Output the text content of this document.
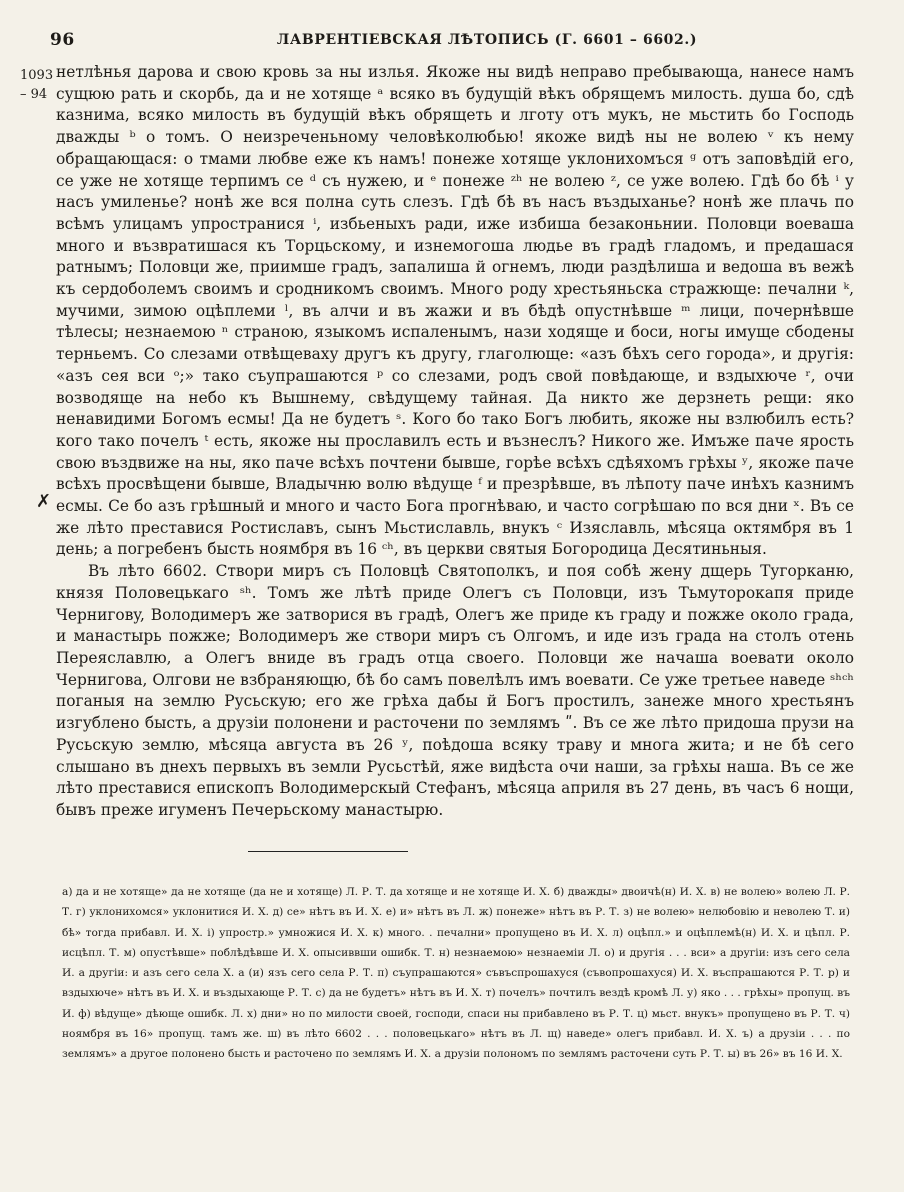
96	ЛАВРЕНТІЕВСКАЯ ЛѢТОПИСЬ (Г. 6601 – 6602.)
1093
– 94
✗

нетлѣнья дарова и свою кровь за ны излья. Якоже ны видѣ неправо пребывающа, нанесе намъ сущюю рать и скорбь, да и не хотяще ᵃ всяко въ будущій вѣкъ обрящемъ милость. душа бо, сдѣ казнима, всяко милость въ будущій вѣкъ обрящеть и лготу отъ мукъ, не мьстить бо Господь дважды ᵇ о томъ. О неизреченьному человѣколюбью! якоже видѣ ны не волею ᵛ къ нему обращающася: о тмами любве еже къ намъ! понеже хотяще уклонихомъся ᵍ отъ заповѣдій его, се уже не хотяще терпимъ се ᵈ съ нужею, и ᵉ понеже ᶻʰ не волею ᶻ, се уже волею. Гдѣ бо бѣ ⁱ у насъ умиленье? нонѣ же вся полна суть слезъ. Гдѣ бѣ въ насъ въздыханье? нонѣ же плачь по всѣмъ улицамъ упространися ⁱ, избьеныхъ ради, иже избиша безаконьнии. Половци воеваша много и възвратишася къ Торцьскому, и изнемогоша людье въ градѣ гладомъ, и предашася ратнымъ; Половци же, приимше градъ, запалиша й огнемъ, люди раздѣлиша и ведоша въ вежѣ къ сердоболемъ своимъ и сродникомъ своимъ. Много роду хрестьяньска стражюще: печални ᵏ, мучими, зимою оцѣплеми ˡ, въ алчи и въ жажи и въ бѣдѣ опустнѣвше ᵐ лици, почернѣвше тѣлесы; незнаемою ⁿ страною, языкомъ испаленымъ, нази ходяще и боси, ногы имуще сбодены терньемъ. Со слезами отвѣщеваху другъ къ другу, глаголюще: «азъ бѣхъ сего города», и другія: «азъ сея вси ᵒ;» тако съупрашаются ᵖ со слезами, родъ свой повѣдающе, и вздыхюче ʳ, очи возводяще на небо къ Вышнему, свѣдущему тайная. Да никто же дерзнеть рещи: яко ненавидими Богомъ есмы! Да не будетъ ˢ. Кого бо тако Богъ любить, якоже ны взлюбилъ есть? кого тако почелъ ᵗ есть, якоже ны прославилъ есть и възнеслъ? Никого же. Имъже паче ярость свою въздвиже на ны, яко паче всѣхъ почтени бывше, горѣе всѣхъ сдѣяхомъ грѣхы ʸ, якоже паче всѣхъ просвѣщени бывше, Владычню волю вѣдуще ᶠ и презрѣвше, въ лѣпоту паче инѣхъ казнимъ есмы. Се бо азъ грѣшный и много и часто Бога прогнѣваю, и часто согрѣшаю по вся дни ˣ. Въ се же лѣто преставися Ростиславъ, сынъ Мьстиславль, внукъ ᶜ Изяславль, мѣсяца октямбря въ 1 день; а погребенъ бысть ноямбря въ 16 ᶜʰ, въ церкви святыя Богородица Десятиньныя.

Въ лѣто 6602. Створи миръ съ Половцѣ Святополкъ, и поя собѣ жену дщерь Тугорканю, князя Половецькаго ˢʰ. Томъ же лѣтѣ приде Олегъ съ Половци, изъ Тьмуторокапя приде Черниговy, Володимеръ же затворися въ градѣ, Олегъ же приде къ граду и пожже около града, и манастырь пожже; Володимеръ же створи миръ съ Олгомъ, и иде изъ града на столъ отень Переяславлю, а Олегъ вниде въ градъ отца своего. Половци же начаша воевати около Чернигова, Олгови не взбраняющю, бѣ бо самъ повелѣлъ имъ воевати. Се уже третьее наведе ˢʰᶜʰ поганыя на землю Русьскую; его же грѣха дабы й Богъ простилъ, занеже много хрестьянъ изгублено бысть, а друзіи полонени и расточени по землямъ ʺ. Въ се же лѣто придоша прузи на Русьскую землю, мѣсяца августа въ 26 ʸ, поѣдоша всяку траву и многа жита; и не бѣ сего слышано въ днехъ первыхъ въ земли Русьстѣй, яже видѣста очи наши, за грѣхы наша. Въ се же лѣто преставися епископъ Володимерскый Стефанъ, мѣсяца априля въ 27 день, въ часъ 6 нощи, бывъ преже игуменъ Печерьскому манастырю.

а) да и не хотяще» да не хотяще (да не и хотяще) Л. Р. Т. да хотяще и не хотяще И. Х. б) дважды» двоичѣ(н) И. Х. в) не волею» волею Л. Р. Т. г) уклонихомся» уклонитися И. Х. д) се» нѣтъ въ И. Х. е) и» нѣтъ въ Л. ж) понеже» нѣтъ въ Р. Т. з) не волею» нелюбовію и неволею Т. и) бѣ» тогда прибавл. И. Х. і) упростр.» умножися И. Х. к) много. . печални» пропущено въ И. Х. л) оцѣпл.» и оцѣплемѣ(н) И. Х. и цѣпл. Р. исцѣпл. Т. м) опустѣвше» поблѣдѣвше И. Х. опысиввши ошибк. Т. н) незнаемою» незнаеміи Л. о) и другія . . . вси» а другіи: изъ сего села И. а другіи: и азъ сего села Х. а (и) язъ сего села Р. Т. п) съупрашаются» съвъспрошахуся (съвопрошахуся) И. Х. въспрашаются Р. Т. р) и вздыхюче» нѣтъ въ И. Х. и въздыхающе Р. Т. с) да не будетъ» нѣтъ въ И. Х. т) почелъ» почтилъ вездѣ кромѣ Л. у) яко . . . грѣхы» пропущ. въ И. ф) вѣдуще» дѣюще ошибк. Л. х) дни» но по милости своей, господи, спаси ны прибавлено въ Р. Т. ц) мьст. внукъ» пропущено въ Р. Т. ч) ноямбря въ 16» пропущ. тамъ же. ш) въ лѣто 6602 . . . половецькаго» нѣтъ въ Л. щ) наведе» олегъ прибавл. И. Х. ъ) а друзіи . . . по землямъ» а другое полонено бысть и расточено по землямъ И. Х. а друзіи полономъ по землямъ расточени суть Р. Т. ы) въ 26» въ 16 И. Х.
